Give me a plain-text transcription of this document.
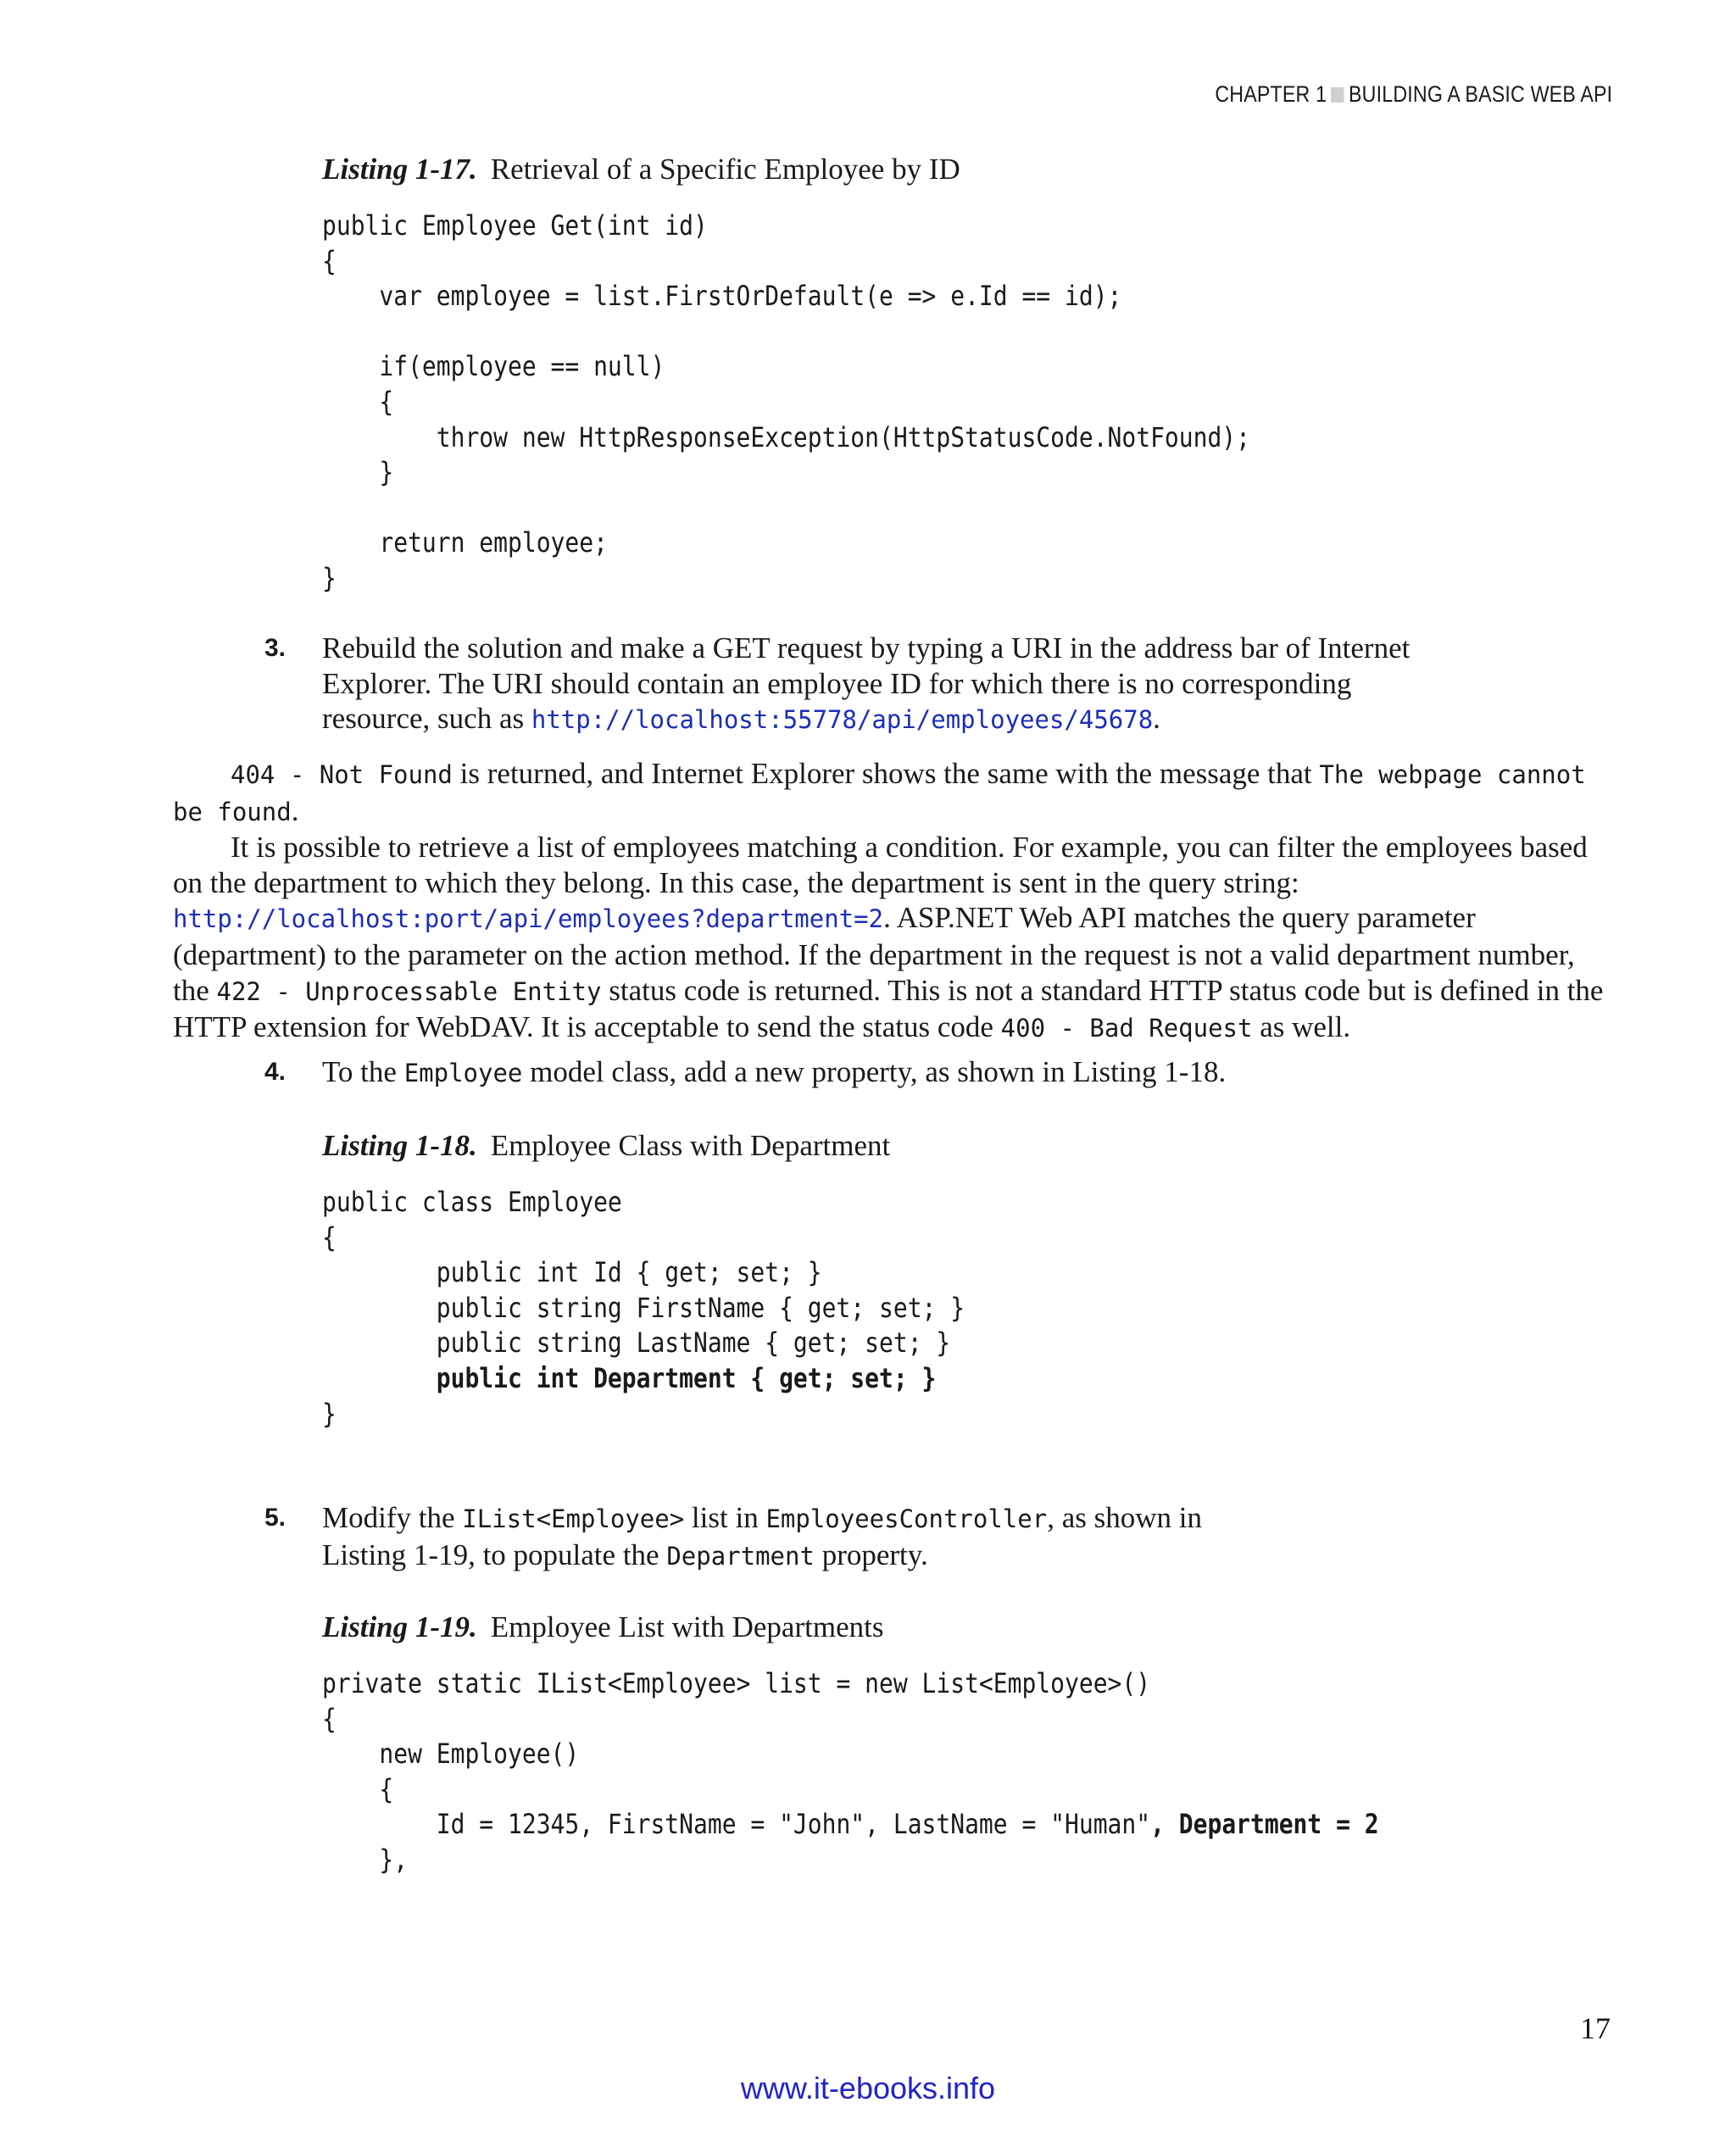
CHAPTER 1 BUILDING A BASIC WEB API
Listing 1-17. Retrieval of a Specific Employee by ID
public Employee Get(int id)
{
var employee = list.FirstOrDefault(e => e.Id == id);

if(employee == null)
{
throw new HttpResponseException(HttpStatusCode.NotFound);
}

return employee;
}
3. Rebuild the solution and make a GET request by typing a URI in the address bar of Internet Explorer. The URI should contain an employee ID for which there is no corresponding resource, such as http://localhost:55778/api/employees/45678.

404 - Not Found is returned, and Internet Explorer shows the same with the message that The webpage cannot be found.

It is possible to retrieve a list of employees matching a condition. For example, you can filter the employees based on the department to which they belong. In this case, the department is sent in the query string: http://localhost:port/api/employees?department=2. ASP.NET Web API matches the query parameter (department) to the parameter on the action method. If the department in the request is not a valid department number, the 422 - Unprocessable Entity status code is returned. This is not a standard HTTP status code but is defined in the HTTP extension for WebDAV. It is acceptable to send the status code 400 - Bad Request as well.

4. To the Employee model class, add a new property, as shown in Listing 1-18.
Listing 1-18. Employee Class with Department
public class Employee
{
public int Id { get; set; }
public string FirstName { get; set; }
public string LastName { get; set; }
public int Department { get; set; }
}
5. Modify the IList<Employee> list in EmployeesController, as shown in Listing 1-19, to populate the Department property.
Listing 1-19. Employee List with Departments
private static IList<Employee> list = new List<Employee>()
{
new Employee()
{
Id = 12345, FirstName = "John", LastName = "Human", Department = 2
},
17
www.it-ebooks.info
